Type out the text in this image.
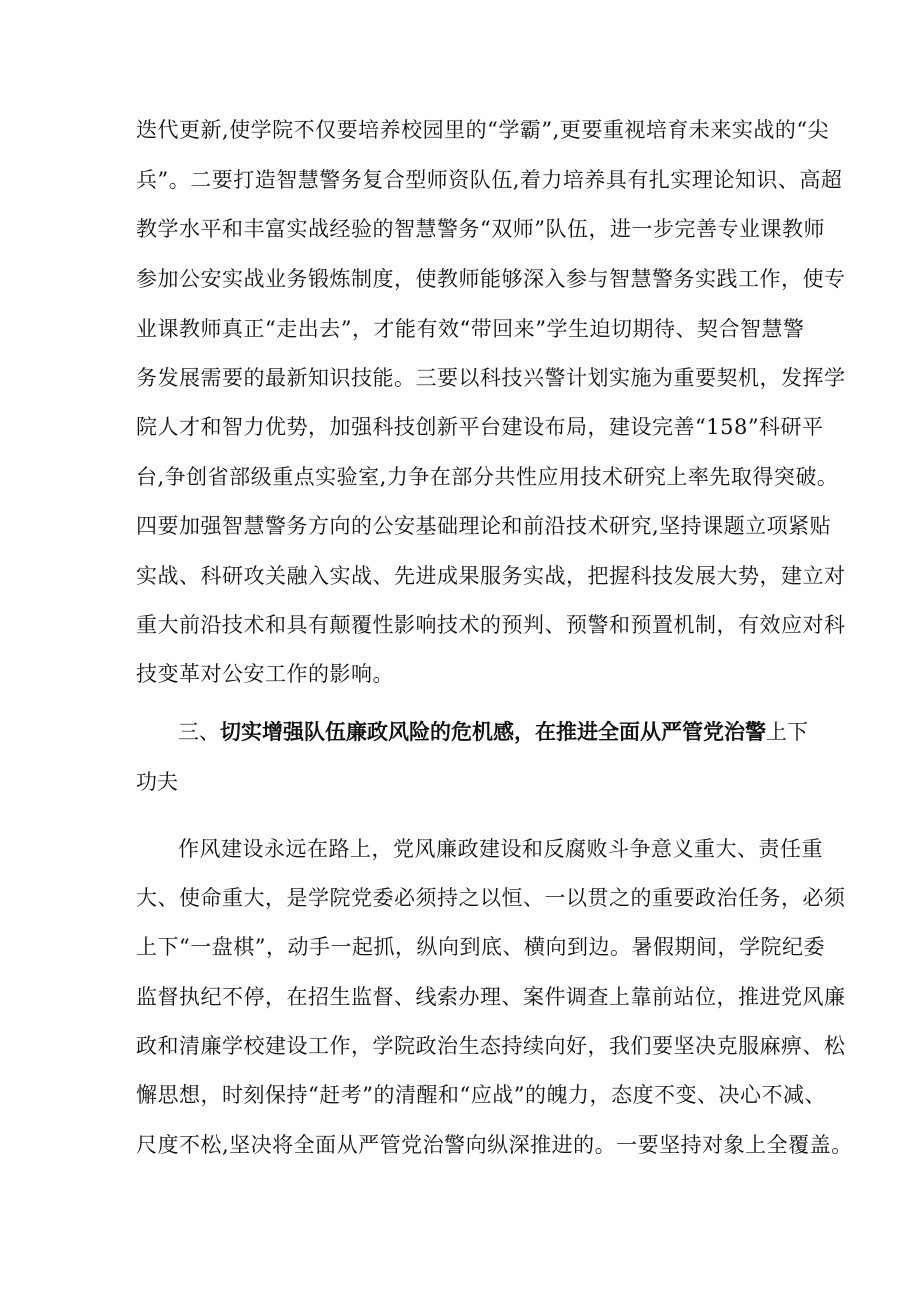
迭代更新,使学院不仅要培养校园里的“学霸”,更要重视培育未来实战的“尖
兵”。二要打造智慧警务复合型师资队伍,着力培养具有扎实理论知识、高超
教学水平和丰富实战经验的智慧警务“双师”队伍，进一步完善专业课教师
参加公安实战业务锻炼制度，使教师能够深入参与智慧警务实践工作，使专
业课教师真正“走出去”，才能有效“带回来”学生迫切期待、契合智慧警
务发展需要的最新知识技能。三要以科技兴警计划实施为重要契机，发挥学
院人才和智力优势，加强科技创新平台建设布局，建设完善“158”科研平
台,争创省部级重点实验室,力争在部分共性应用技术研究上率先取得突破。
四要加强智慧警务方向的公安基础理论和前沿技术研究,坚持课题立项紧贴
实战、科研攻关融入实战、先进成果服务实战，把握科技发展大势，建立对
重大前沿技术和具有颠覆性影响技术的预判、预警和预置机制，有效应对科
技变革对公安工作的影响。
三、切实增强队伍廉政风险的危机感，在推进全面从严管党治警上下
功夫
作风建设永远在路上，党风廉政建设和反腐败斗争意义重大、责任重
大、使命重大，是学院党委必须持之以恒、一以贯之的重要政治任务，必须
上下“一盘棋”，动手一起抓，纵向到底、横向到边。暑假期间，学院纪委
监督执纪不停，在招生监督、线索办理、案件调查上靠前站位，推进党风廉
政和清廉学校建设工作，学院政治生态持续向好，我们要坚决克服麻痹、松
懈思想，时刻保持“赶考”的清醒和“应战”的魄力，态度不变、决心不减、
尺度不松,坚决将全面从严管党治警向纵深推进的。一要坚持对象上全覆盖。
